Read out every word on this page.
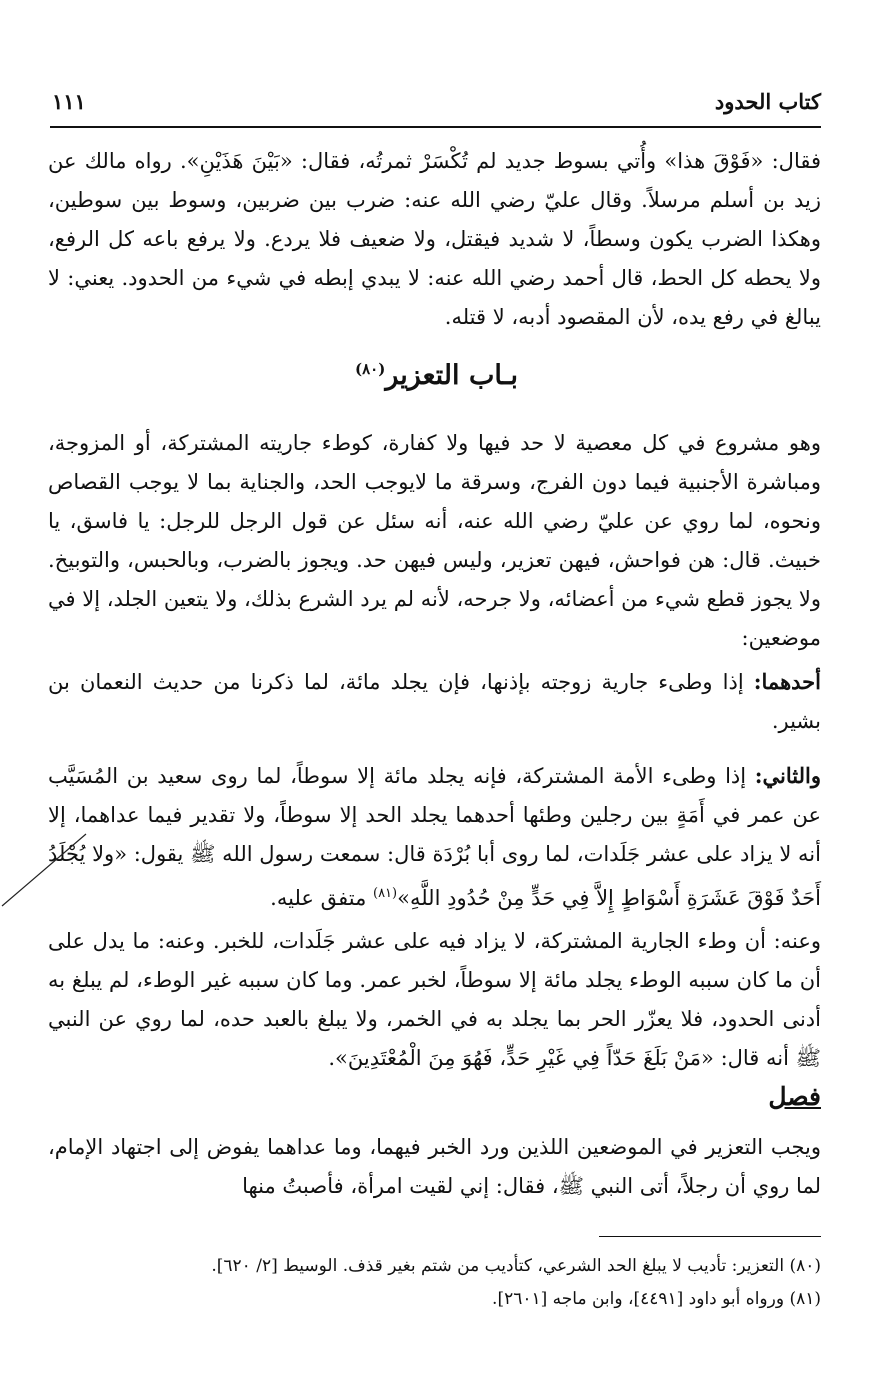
كتاب الحدود
١١١

فقال: «فَوْقَ هذا» وأُتي بسوط جديد لم تُكْسَرْ ثمرتُه، فقال: «بَيْنَ هَذَيْنِ». رواه مالك عن زيد بن أسلم مرسلاً. وقال عليّ رضي الله عنه: ضرب بين ضربين، وسوط بين سوطين، وهكذا الضرب يكون وسطاً، لا شديد فيقتل، ولا ضعيف فلا يردع. ولا يرفع باعه كل الرفع، ولا يحطه كل الحط، قال أحمد رضي الله عنه: لا يبدي إبطه في شيء من الحدود. يعني: لا يبالغ في رفع يده، لأن المقصود أدبه، لا قتله.

بـاب التعزير$^{(٨٠)}$

وهو مشروع في كل معصية لا حد فيها ولا كفارة، كوطء جاريته المشتركة، أو المزوجة، ومباشرة الأجنبية فيما دون الفرج، وسرقة ما لايوجب الحد، والجناية بما لا يوجب القصاص ونحوه، لما روي عن عليّ رضي الله عنه، أنه سئل عن قول الرجل للرجل: يا فاسق، يا خبيث. قال: هن فواحش، فيهن تعزير، وليس فيهن حد. ويجوز بالضرب، وبالحبس، والتوبيخ. ولا يجوز قطع شيء من أعضائه، ولا جرحه، لأنه لم يرد الشرع بذلك، ولا يتعين الجلد، إلا في موضعين:

أحدهما: إذا وطىء جارية زوجته بإذنها، فإن يجلد مائة، لما ذكرنا من حديث النعمان بن بشير.

والثاني: إذا وطىء الأمة المشتركة، فإنه يجلد مائة إلا سوطاً، لما روى سعيد بن المُسَيَّب عن عمر في أَمَةٍ بين رجلين وطئها أحدهما يجلد الحد إلا سوطاً، ولا تقدير فيما عداهما، إلا أنه لا يزاد على عشر جَلَدات، لما روى أبا بُرْدَة قال: سمعت رسول الله ﷺ يقول: «ولا يُجْلَدُ أَحَدٌ فَوْقَ عَشَرَةِ أَسْوَاطٍ إِلاَّ فِي حَدٍّ مِنْ حُدُودِ اللَّهِ»$^{(٨١)}$ متفق عليه.

وعنه: أن وطء الجارية المشتركة، لا يزاد فيه على عشر جَلَدات، للخبر. وعنه: ما يدل على أن ما كان سببه الوطء يجلد مائة إلا سوطاً، لخبر عمر. وما كان سببه غير الوطء، لم يبلغ به أدنى الحدود، فلا يعزّر الحر بما يجلد به في الخمر، ولا يبلغ بالعبد حده، لما روي عن النبي ﷺ أنه قال: «مَنْ بَلَغَ حَدّاً فِي غَيْرِ حَدٍّ، فَهُوَ مِنَ الْمُعْتَدِينَ».

فصل

ويجب التعزير في الموضعين اللذين ورد الخبر فيهما، وما عداهما يفوض إلى اجتهاد الإمام، لما روي أن رجلاً، أتى النبي ﷺ، فقال: إني لقيت امرأة، فأصبتُ منها

(٨٠) التعزير: تأديب لا يبلغ الحد الشرعي، كتأديب من شتم بغير قذف. الوسيط [٢/ ٦٢٠].
(٨١) ورواه أبو داود [٤٤٩١]، وابن ماجه [٢٦٠١].
